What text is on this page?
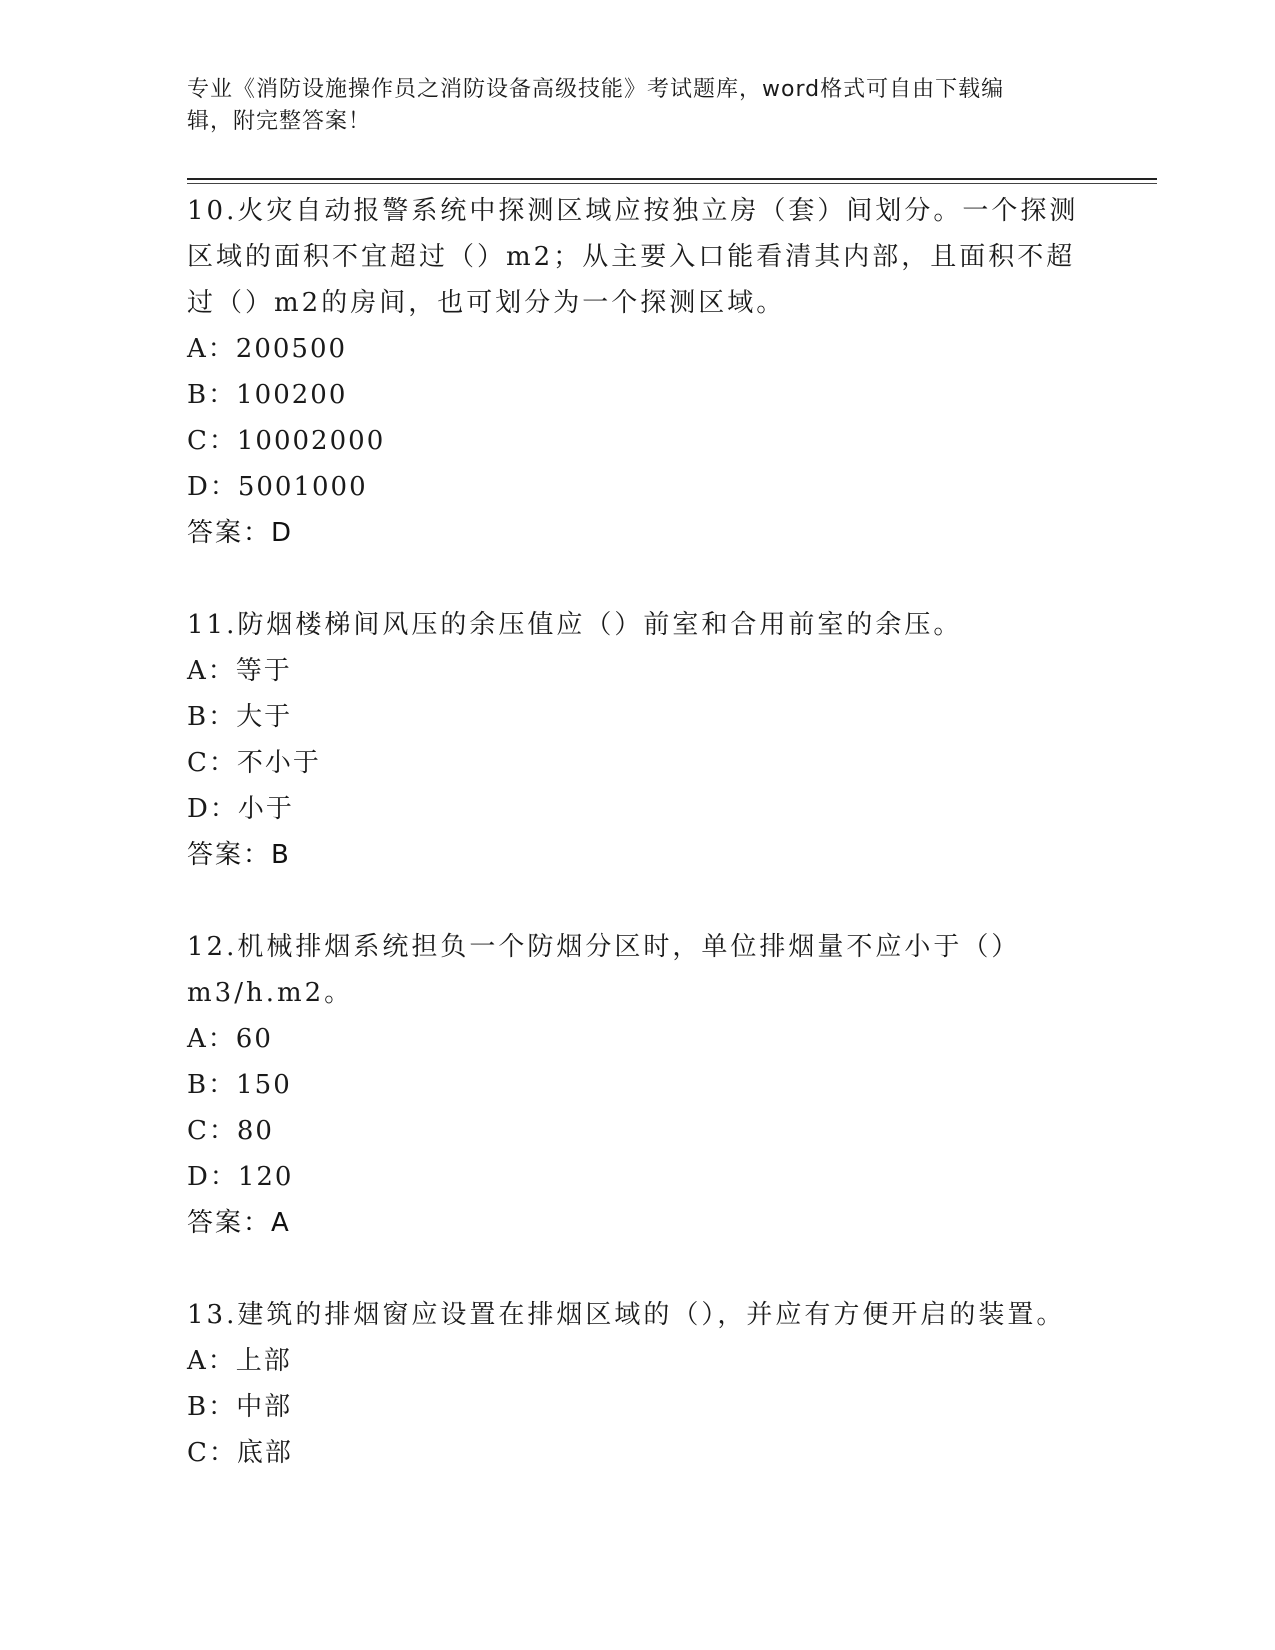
专业《消防设施操作员之消防设备高级技能》考试题库，word格式可自由下载编
辑，附完整答案！
10.火灾自动报警系统中探测区域应按独立房（套）间划分。一个探测
区域的面积不宜超过（）m2；从主要入口能看清其内部，且面积不超
过（）m2的房间，也可划分为一个探测区域。
A：200500
B：100200
C：10002000
D：5001000
答案：D
11.防烟楼梯间风压的余压值应（）前室和合用前室的余压。
A：等于
B：大于
C：不小于
D：小于
答案：B
12.机械排烟系统担负一个防烟分区时，单位排烟量不应小于（）
m3/h.m2。
A：60
B：150
C：80
D：120
答案：A
13.建筑的排烟窗应设置在排烟区域的（），并应有方便开启的装置。
A：上部
B：中部
C：底部
